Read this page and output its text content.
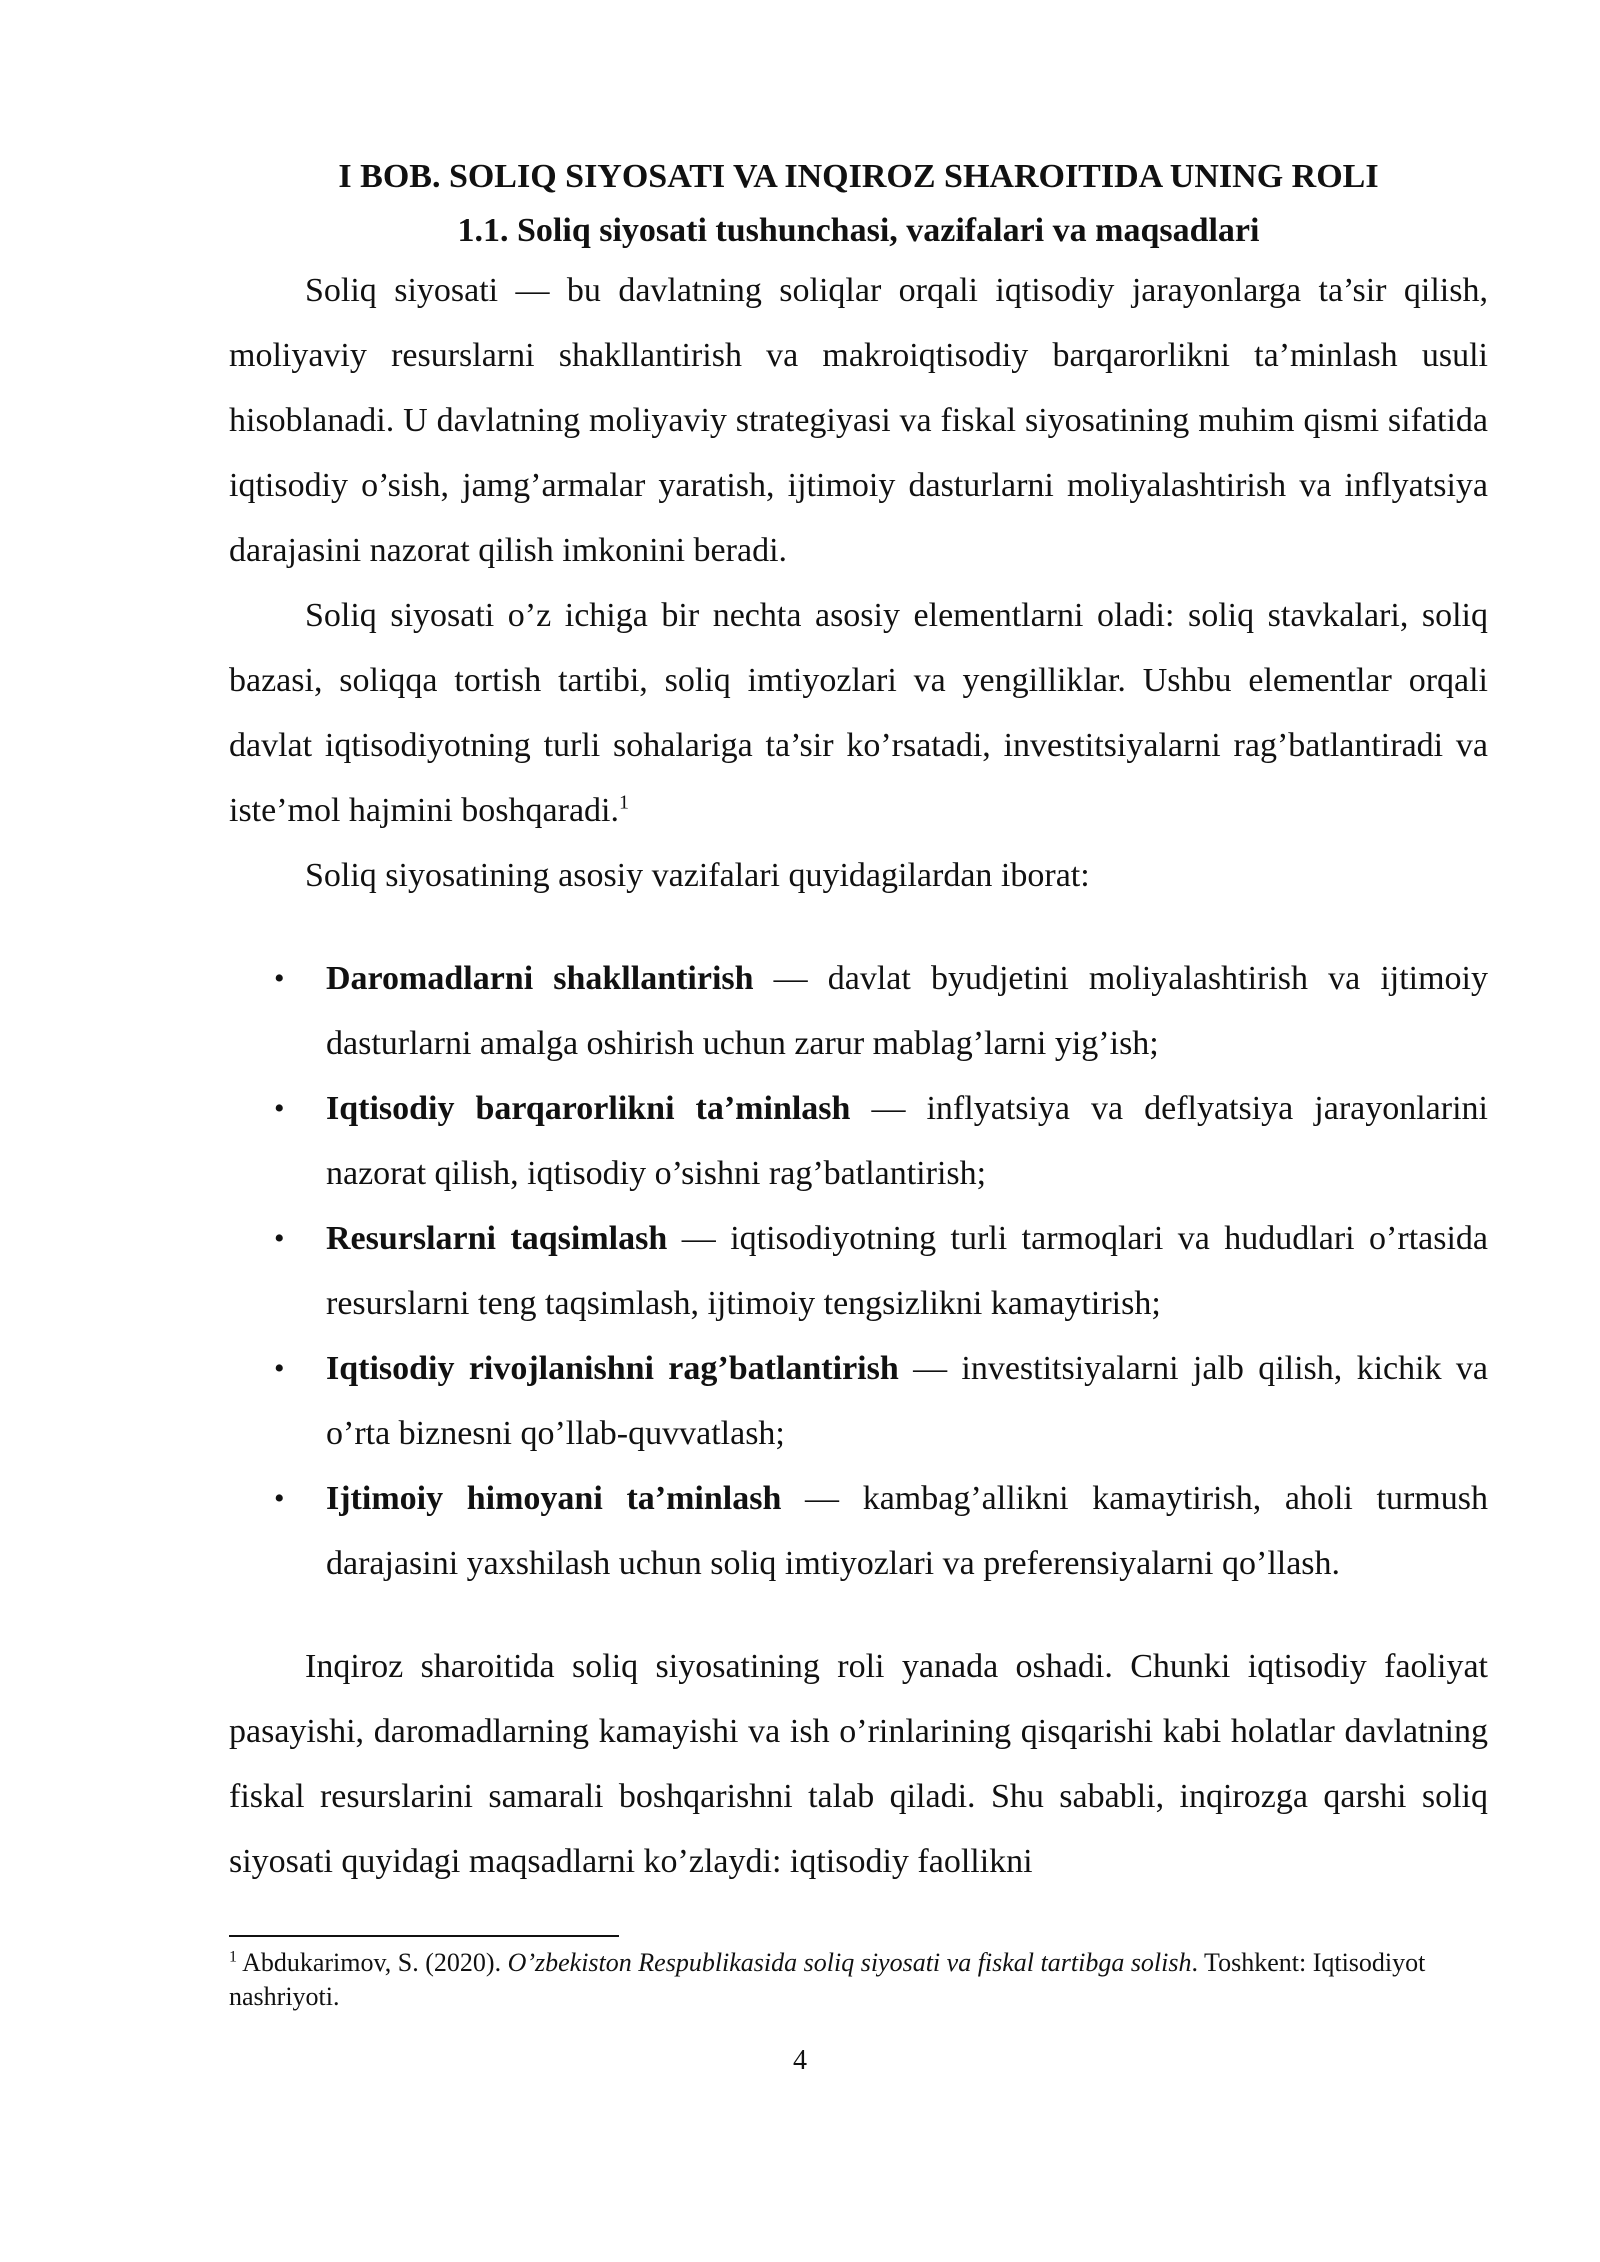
I BOB. SOLIQ SIYOSATI VA INQIROZ SHAROITIDA UNING ROLI
1.1. Soliq siyosati tushunchasi, vazifalari va maqsadlari

Soliq siyosati — bu davlatning soliqlar orqali iqtisodiy jarayonlarga ta’sir qilish, moliyaviy resurslarni shakllantirish va makroiqtisodiy barqarorlikni ta’minlash usuli hisoblanadi. U davlatning moliyaviy strategiyasi va fiskal siyosatining muhim qismi sifatida iqtisodiy o’sish, jamg’armalar yaratish, ijtimoiy dasturlarni moliyalashtirish va inflyatsiya darajasini nazorat qilish imkonini beradi.

Soliq siyosati o’z ichiga bir nechta asosiy elementlarni oladi: soliq stavkalari, soliq bazasi, soliqqa tortish tartibi, soliq imtiyozlari va yengilliklar. Ushbu elementlar orqali davlat iqtisodiyotning turli sohalariga ta’sir ko’rsatadi, investitsiyalarni rag’batlantiradi va iste’mol hajmini boshqaradi.$^1$

Soliq siyosatining asosiy vazifalari quyidagilardan iborat:

• Daromadlarni shakllantirish — davlat byudjetini moliyalashtirish va ijtimoiy dasturlarni amalga oshirish uchun zarur mablag’larni yig’ish;
• Iqtisodiy barqarorlikni ta’minlash — inflyatsiya va deflyatsiya jarayonlarini nazorat qilish, iqtisodiy o’sishni rag’batlantirish;
• Resurslarni taqsimlash — iqtisodiyotning turli tarmoqlari va hududlari o’rtasida resurslarni teng taqsimlash, ijtimoiy tengsizlikni kamaytirish;
• Iqtisodiy rivojlanishni rag’batlantirish — investitsiyalarni jalb qilish, kichik va o’rta biznesni qo’llab-quvvatlash;
• Ijtimoiy himoyani ta’minlash — kambag’allikni kamaytirish, aholi turmush darajasini yaxshilash uchun soliq imtiyozlari va preferensiyalarni qo’llash.

Inqiroz sharoitida soliq siyosatining roli yanada oshadi. Chunki iqtisodiy faoliyat pasayishi, daromadlarning kamayishi va ish o’rinlarining qisqarishi kabi holatlar davlatning fiskal resurslarini samarali boshqarishni talab qiladi. Shu sababli, inqirozga qarshi soliq siyosati quyidagi maqsadlarni ko’zlaydi: iqtisodiy faollikni

$^1$ Abdukarimov, S. (2020). O’zbekiston Respublikasida soliq siyosati va fiskal tartibga solish. Toshkent: Iqtisodiyot nashriyoti.
4
